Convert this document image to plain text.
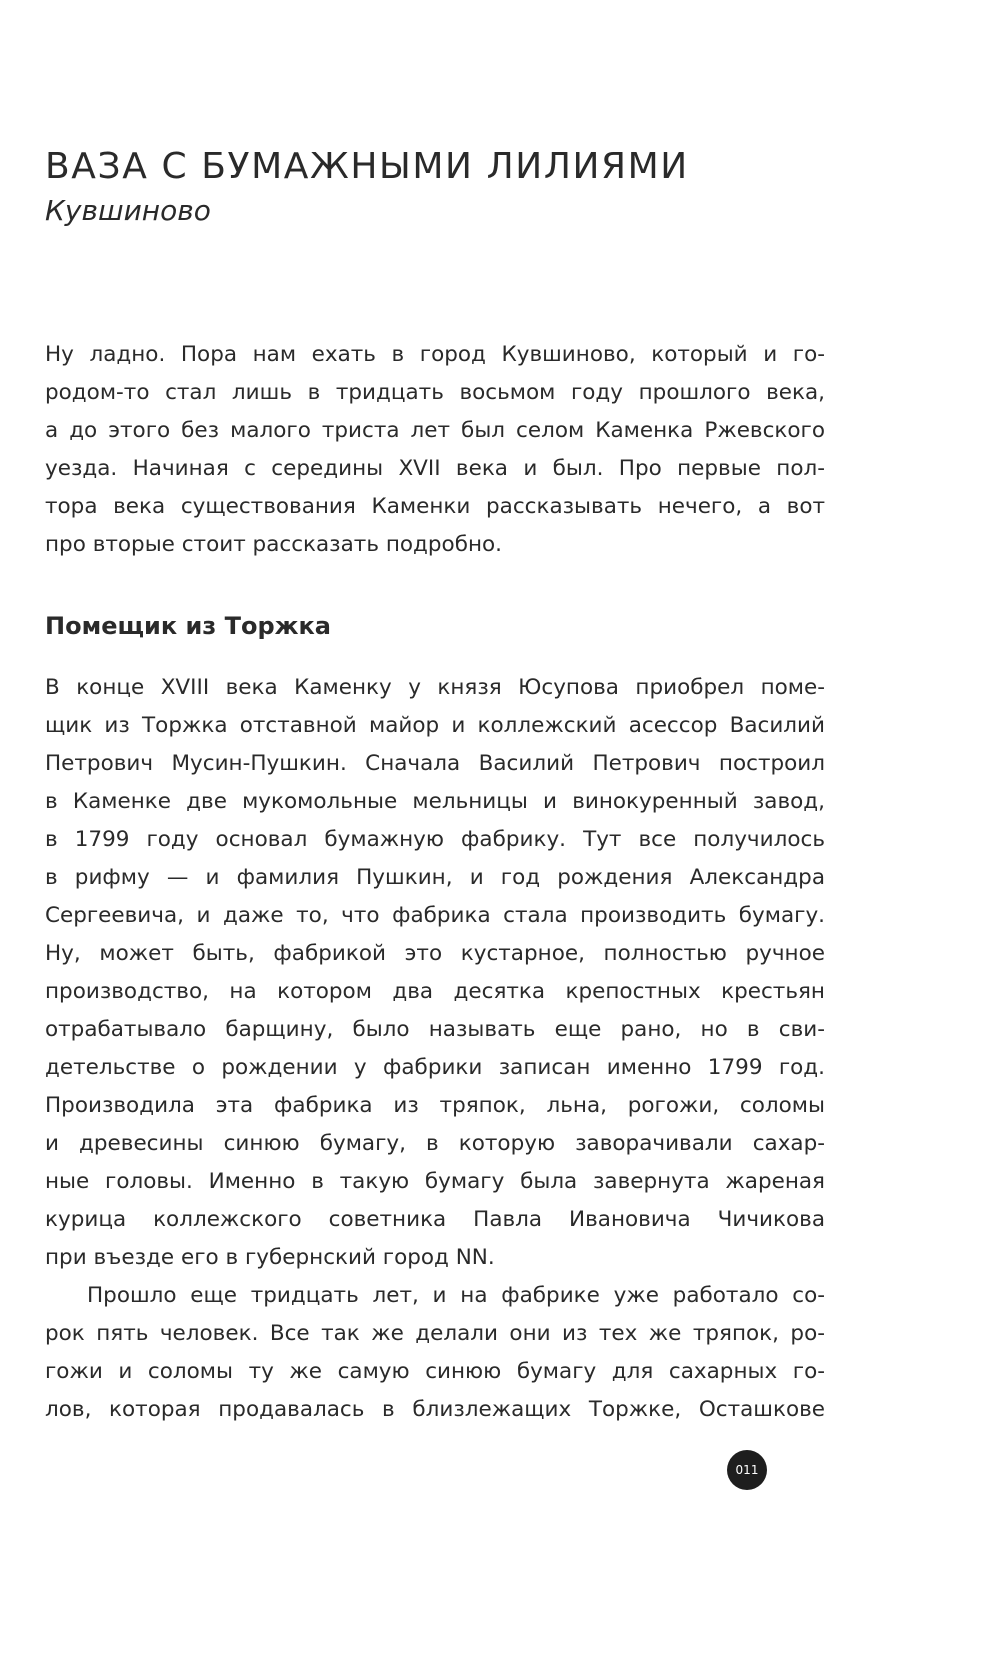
ВАЗА С БУМАЖНЫМИ ЛИЛИЯМИ
Кувшиново
Ну ладно. Пора нам ехать в город Кувшиново, который и го-
родом-то стал лишь в тридцать восьмом году прошлого века,
а до этого без малого триста лет был селом Каменка Ржевского
уезда. Начиная с середины XVII века и был. Про первые пол-
тора века существования Каменки рассказывать нечего, а вот
про вторые стоит рассказать подробно.
Помещик из Торжка
В конце XVIII века Каменку у князя Юсупова приобрел поме-
щик из Торжка отставной майор и коллежский асессор Василий
Петрович Мусин-Пушкин. Сначала Василий Петрович построил
в Каменке две мукомольные мельницы и винокуренный завод,
в 1799 году основал бумажную фабрику. Тут все получилось
в рифму — и фамилия Пушкин, и год рождения Александра
Сергеевича, и даже то, что фабрика стала производить бумагу.
Ну, может быть, фабрикой это кустарное, полностью ручное
производство, на котором два десятка крепостных крестьян
отрабатывало барщину, было называть еще рано, но в сви-
детельстве о рождении у фабрики записан именно 1799 год.
Производила эта фабрика из тряпок, льна, рогожи, соломы
и древесины синюю бумагу, в которую заворачивали сахар-
ные головы. Именно в такую бумагу была завернута жареная
курица коллежского советника Павла Ивановича Чичикова
при въезде его в губернский город NN.
Прошло еще тридцать лет, и на фабрике уже работало со-
рок пять человек. Все так же делали они из тех же тряпок, ро-
гожи и соломы ту же самую синюю бумагу для сахарных го-
лов, которая продавалась в близлежащих Торжке, Осташкове
011
